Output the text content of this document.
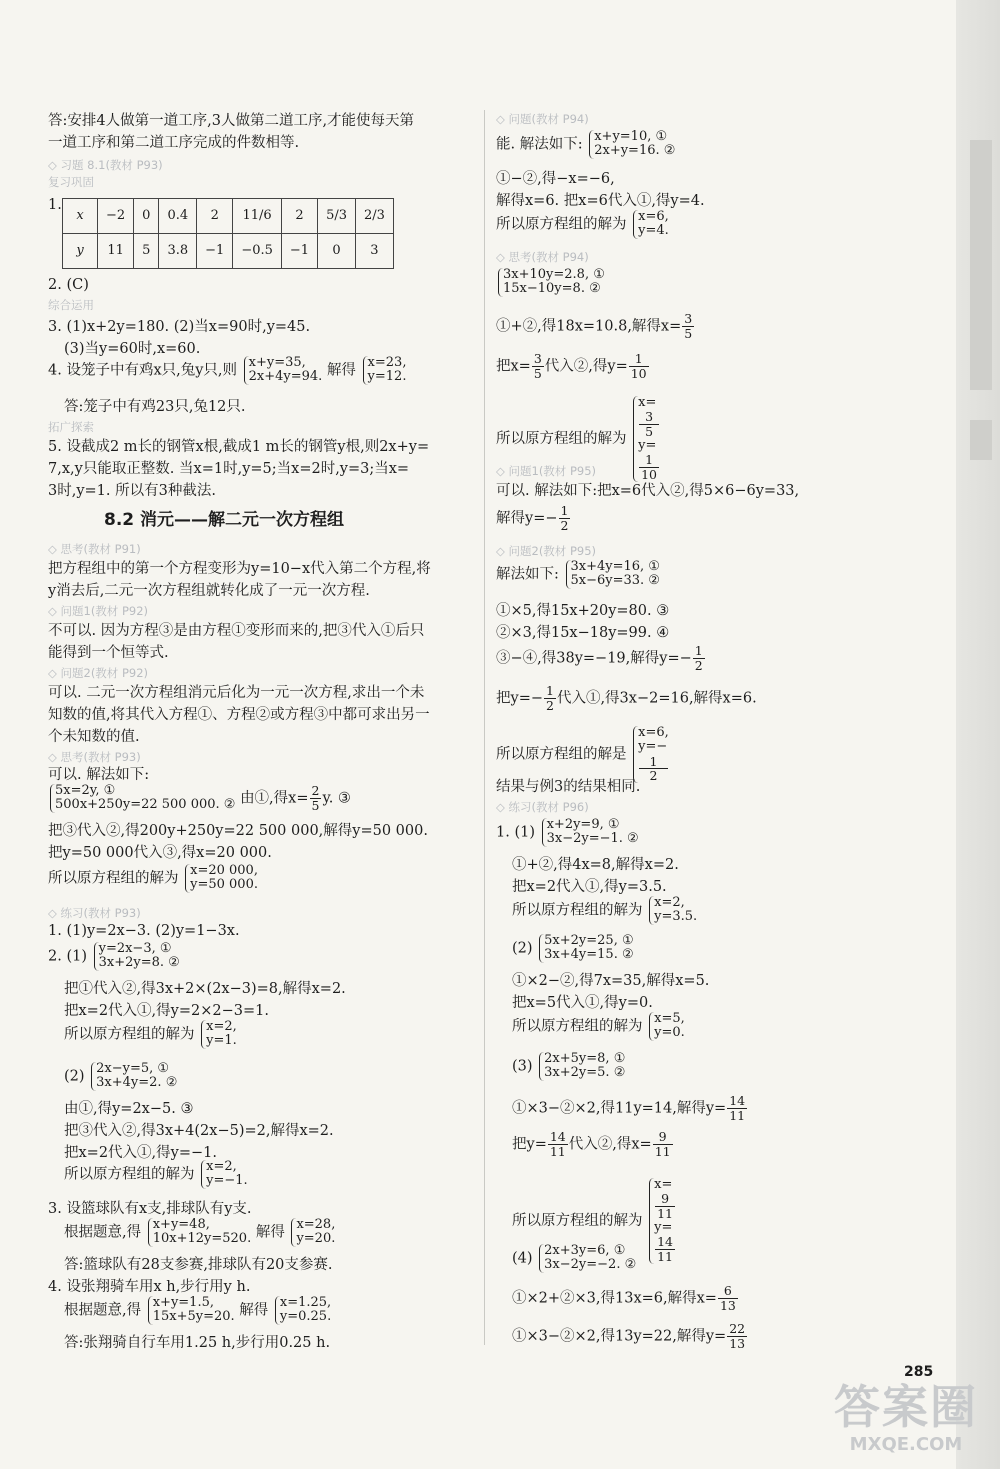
答:安排4人做第一道工序,3人做第二道工序,才能使每天第
一道工序和第二道工序完成的件数相等.
◇ 习题 8.1(教材 P93)
复习巩固
1.
x	−2	0	0.4	2	11/6	2	5/3	2/3
y	11	5	3.8	−1	−0.5	−1	0	3
2. (C)
综合运用
3. (1)x+2y=180. (2)当x=90时,y=45.
(3)当y=60时,x=60.
4. 设笼子中有鸡x只,兔y只,则 x+y=35,
2x+4y=94. 解得 x=23,
y=12.
答:笼子中有鸡23只,兔12只.
拓广探索
5. 设截成2 m长的钢管x根,截成1 m长的钢管y根,则2x+y=
7,x,y只能取正整数. 当x=1时,y=5;当x=2时,y=3;当x=
3时,y=1. 所以有3种截法.
8.2 消元——解二元一次方程组
◇ 思考(教材 P91)
把方程组中的第一个方程变形为y=10−x代入第二个方程,将
y消去后,二元一次方程组就转化成了一元一次方程.
◇ 问题1(教材 P92)
不可以. 因为方程③是由方程①变形而来的,把③代入①后只
能得到一个恒等式.
◇ 问题2(教材 P92)
可以. 二元一次方程组消元后化为一元一次方程,求出一个未
知数的值,将其代入方程①、方程②或方程③中都可求出另一
个未知数的值.
◇ 思考(教材 P93)
可以. 解法如下:
5x=2y, ①
500x+250y=22 500 000. ② 由①,得$x= \frac{2}{5} y$. ③
把③代入②,得200y+250y=22 500 000,解得y=50 000.
把y=50 000代入③,得x=20 000.
所以原方程组的解为 x=20 000,
y=50 000.
◇ 练习(教材 P93)
1. (1)y=2x−3. (2)y=1−3x.
2. (1) y=2x−3, ①
3x+2y=8. ②
把①代入②,得3x+2×(2x−3)=8,解得x=2.
把x=2代入①,得y=2×2−3=1.
所以原方程组的解为 x=2,
y=1.
(2) 2x−y=5, ①
3x+4y=2. ②
由①,得y=2x−5. ③
把③代入②,得3x+4(2x−5)=2,解得x=2.
把x=2代入①,得y=−1.
所以原方程组的解为 x=2,
y=−1.
3. 设篮球队有x支,排球队有y支.
根据题意,得 x+y=48,
10x+12y=520. 解得 x=28,
y=20.
答:篮球队有28支参赛,排球队有20支参赛.
4. 设张翔骑车用x h,步行用y h.
根据题意,得 x+y=1.5,
15x+5y=20. 解得 x=1.25,
y=0.25.
答:张翔骑自行车用1.25 h,步行用0.25 h.
◇ 问题(教材 P94)
能. 解法如下: x+y=10, ①
2x+y=16. ②
①−②,得−x=−6,
解得x=6. 把x=6代入①,得y=4.
所以原方程组的解为 x=6,
y=4.
◇ 思考(教材 P94)
3x+10y=2.8, ①
15x−10y=8. ②
①+②,得18x=10.8,解得$x= \frac{3}{5}$
把$x= \frac{3}{5}$ 代入②,得$y= \frac{1}{10}$
所以原方程组的解为
x=
3
5
y=
1
10
◇ 问题1(教材 P95)
可以. 解法如下:把x=6代入②,得5×6−6y=33,
解得$y=- \frac{1}{2}$
◇ 问题2(教材 P95)
解法如下: 3x+4y=16, ①
5x−6y=33. ②
①×5,得15x+20y=80. ③
②×3,得15x−18y=99. ④
③−④,得38y=−19,解得$y=- \frac{1}{2}$
把$y=- \frac{1}{2}$ 代入①,得3x−2=16,解得x=6.
所以原方程组的解是
x=6,
y=−
1
2
结果与例3的结果相同.
◇ 练习(教材 P96)
1. (1) x+2y=9, ①
3x−2y=−1. ②
①+②,得4x=8,解得x=2.
把x=2代入①,得y=3.5.
所以原方程组的解为 x=2,
y=3.5.
(2) 5x+2y=25, ①
3x+4y=15. ②
①×2−②,得7x=35,解得x=5.
把x=5代入①,得y=0.
所以原方程组的解为 x=5,
y=0.
(3) 2x+5y=8, ①
3x+2y=5. ②
①×3−②×2,得11y=14,解得$y= \frac{14}{11}$
把$y= \frac{14}{11}$ 代入②,得$x= \frac{9}{11}$
所以原方程组的解为
x=
9
11
y=
14
11
(4) 2x+3y=6, ①
3x−2y=−2. ②
①×2+②×3,得13x=6,解得$x= \frac{6}{13}$
①×3−②×2,得13y=22,解得$y= \frac{22}{13}$
285
答案圈
MXQE.COM
